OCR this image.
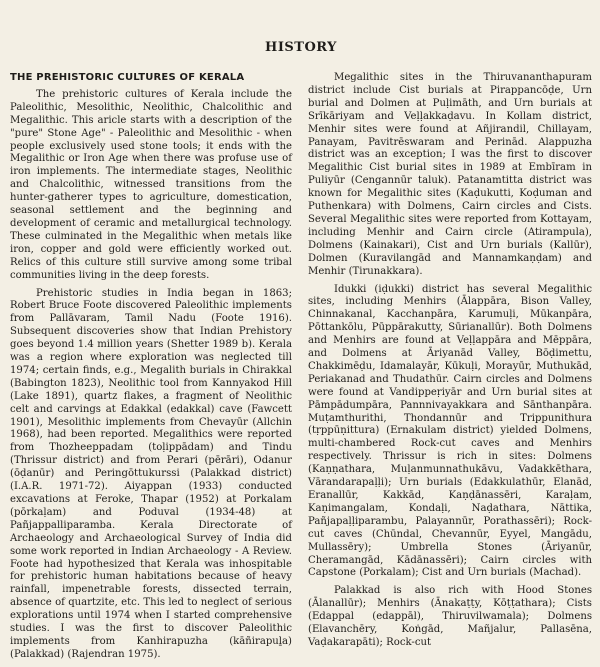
HISTORY
THE PREHISTORIC CULTURES OF KERALA

The prehistoric cultures of Kerala include the Paleolithic, Mesolithic, Neolithic, Chalcolithic and Megalithic. This aricle starts with a description of the "pure" Stone Age" - Paleolithic and Mesolithic - when people exclusively used stone tools; it ends with the Megalithic or Iron Age when there was profuse use of iron implements. The intermediate stages, Neolithic and Chalcolithic, witnessed transitions from the hunter-gatherer types to agriculture, domestication, seasonal settlement and the beginning and development of ceramic and metallurgical technology. These culminated in the Megalithic when metals like iron, copper and gold were efficiently worked out. Relics of this culture still survive among some tribal communities living in the deep forests.

Prehistoric studies in India began in 1863; Robert Bruce Foote discovered Paleolithic implements from Pallāvaram, Tamil Nadu (Foote 1916). Subsequent discoveries show that Indian Prehistory goes beyond 1.4 million years (Shetter 1989 b). Kerala was a region where exploration was neglected till 1974; certain finds, e.g., Megalith burials in Chirakkal (Babington 1823), Neolithic tool from Kannyakod Hill (Lake 1891), quartz flakes, a fragment of Neolithic celt and carvings at Edakkal (edakkal) cave (Fawcett 1901), Mesolithic implements from Chevayūr (Allchin 1968), had been reported. Megalithics were reported from Thozheeppadam (toḷippādam) and Tindu (Thrissur district) and from Perari (pērāri), Odanur (ōḍanūr) and Peringōttukurssi (Palakkad district) (I.A.R. 1971-72). Aiyappan (1933) conducted excavations at Feroke, Thapar (1952) at Porkalam (pōrkaḷam) and Poduval (1934-48) at Pañjappalliparamba. Kerala Directorate of Archaeology and Archaeological Survey of India did some work reported in Indian Archaeology - A Review. Foote had hypothesized that Kerala was inhospitable for prehistoric human habitations because of heavy rainfall, impenetrable forests, dissected terrain, absence of quartzite, etc. This led to neglect of serious explorations until 1974 when I started comprehensive studies. I was the first to discover Paleolithic implements from Kanhirapuzha (kāñirapuḻa) (Palakkad) (Rajendran 1975).

Megalithic sites in the Thiruvananthapuram district include Cist burials at Pirappancōḍe, Urn burial and Dolmen at Puḷimāth, and Urn burials at Srīkāriyam and Veḷḷakkaḍavu. In Kollam district, Menhir sites were found at Añjirandil, Chillayam, Panayam, Pavitrēswaram and Perinād. Alappuzha district was an exception; I was the first to discover Megalithic Cist burial sites in 1989 at Embīram in Puliyūr (Cengannūr taluk). Patanamtitta district was known for Megalithic sites (Kaḍukutti, Koḍuman and Puthenkara) with Dolmens, Cairn circles and Cists. Several Megalithic sites were reported from Kottayam, including Menhir and Cairn circle (Atirampula), Dolmens (Kainakari), Cist and Urn burials (Kallūr), Dolmen (Kuravilangād and Mannamkaṇḍam) and Menhir (Tirunakkara).

Idukki (iḍukki) district has several Megalithic sites, including Menhirs (Ālappāra, Bison Valley, Chinnakanal, Kacchanpāra, Karumuḷi, Mūkanpāra, Pōttankōlu, Pūppārakutty, Sūrianallūr). Both Dolmens and Menhirs are found at Veḷḷappāra and Mēppāra, and Dolmens at Āriyanād Valley, Bōḍimettu, Chakkimēḍu, Idamalayār, Kūkuḷi, Morayūr, Muthukād, Periakanad and Thudathūr. Cairn circles and Dolmens were found at Vandippeṛiyār and Urn burial sites at Pāmpādumpāra, Pannnivayakkara and Sānthanpāra. Muṭamthurithi, Thondannūr and Trippunithura (tṛppūṇittura) (Ernakulam district) yielded Dolmens, multi-chambered Rock-cut caves and Menhirs respectively. Thrissur is rich in sites: Dolmens (Kaṇṇathara, Muḷanmunnathukāvu, Vadakkēthara, Vārandarapaḷḷi); Urn burials (Edakkulathūr, Elanād, Eranallūr, Kakkād, Kaṇḍānassēri, Karaḷam, Kaṇimangalam, Kondaḷi, Naḍathara, Nāttika, Pañjapaḷḷiparambu, Palayannūr, Porathassēri); Rock-cut caves (Chūndal, Chevannūr, Eyyel, Mangādu, Mullassēry); Umbrella Stones (Āriyanūr, Cheramangād, Kādānassēri); Cairn circles with Capstone (Porkalam); Cist and Urn burials (Machad).

Palakkad is also rich with Hood Stones (Ālanallūr); Menhirs (Ānakaṭṭy, Kōṭṭathara); Cists (Edappal (edappāl), Thiruvilwamala); Dolmens (Elavanchēry, Koṅgād, Mañjalur, Pallasēna, Vaḍakarapāti); Rock-cut
